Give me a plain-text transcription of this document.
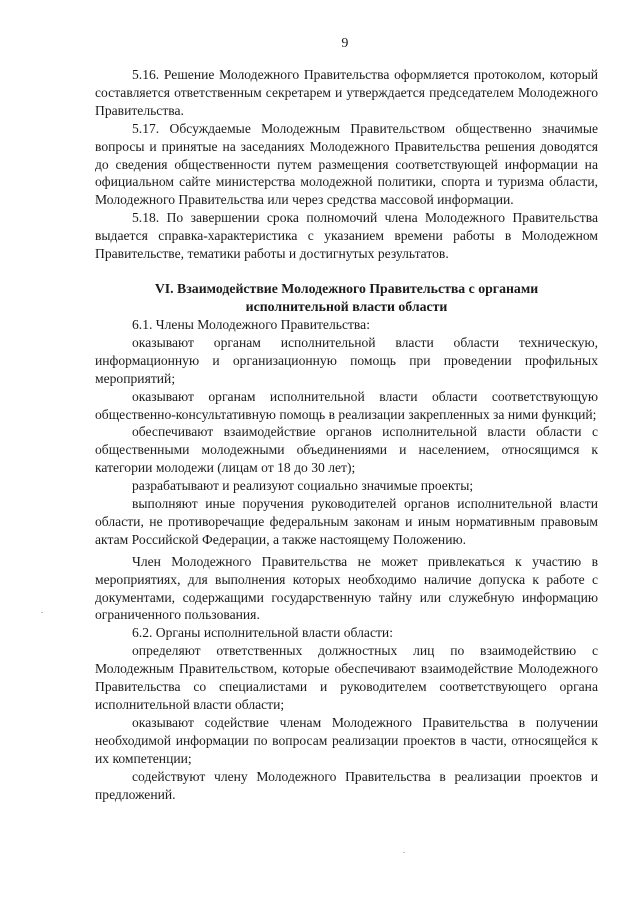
9

5.16. Решение Молодежного Правительства оформляется протоколом, который составляется ответственным секретарем и утверждается председателем Молодежного Правительства.

5.17. Обсуждаемые Молодежным Правительством общественно значимые вопросы и принятые на заседаниях Молодежного Правительства решения доводятся до сведения общественности путем размещения соответствующей информации на официальном сайте министерства молодежной политики, спорта и туризма области, Молодежного Правительства или через средства массовой информации.

5.18. По завершении срока полномочий члена Молодежного Правительства выдается справка-характеристика с указанием времени работы в Молодежном Правительстве, тематики работы и достигнутых результатов.

VI. Взаимодействие Молодежного Правительства с органами
исполнительной власти области

6.1. Члены Молодежного Правительства:

оказывают органам исполнительной власти области техническую, информационную и организационную помощь при проведении профильных мероприятий;

оказывают органам исполнительной власти области соответствующую общественно-консультативную помощь в реализации закрепленных за ними функций;

обеспечивают взаимодействие органов исполнительной власти области с общественными молодежными объединениями и населением, относящимся к категории молодежи (лицам от 18 до 30 лет);

разрабатывают и реализуют социально значимые проекты;

выполняют иные поручения руководителей органов исполнительной власти области, не противоречащие федеральным законам и иным нормативным правовым актам Российской Федерации, а также настоящему Положению.

Член Молодежного Правительства не может привлекаться к участию в мероприятиях, для выполнения которых необходимо наличие допуска к работе с документами, содержащими государственную тайну или служебную информацию ограниченного пользования.

6.2. Органы исполнительной власти области:

определяют ответственных должностных лиц по взаимодействию с Молодежным Правительством, которые обеспечивают взаимодействие Молодежного Правительства со специалистами и руководителем соответствующего органа исполнительной власти области;

оказывают содействие членам Молодежного Правительства в получении необходимой информации по вопросам реализации проектов в части, относящейся к их компетенции;

содействуют члену Молодежного Правительства в реализации проектов и предложений.
